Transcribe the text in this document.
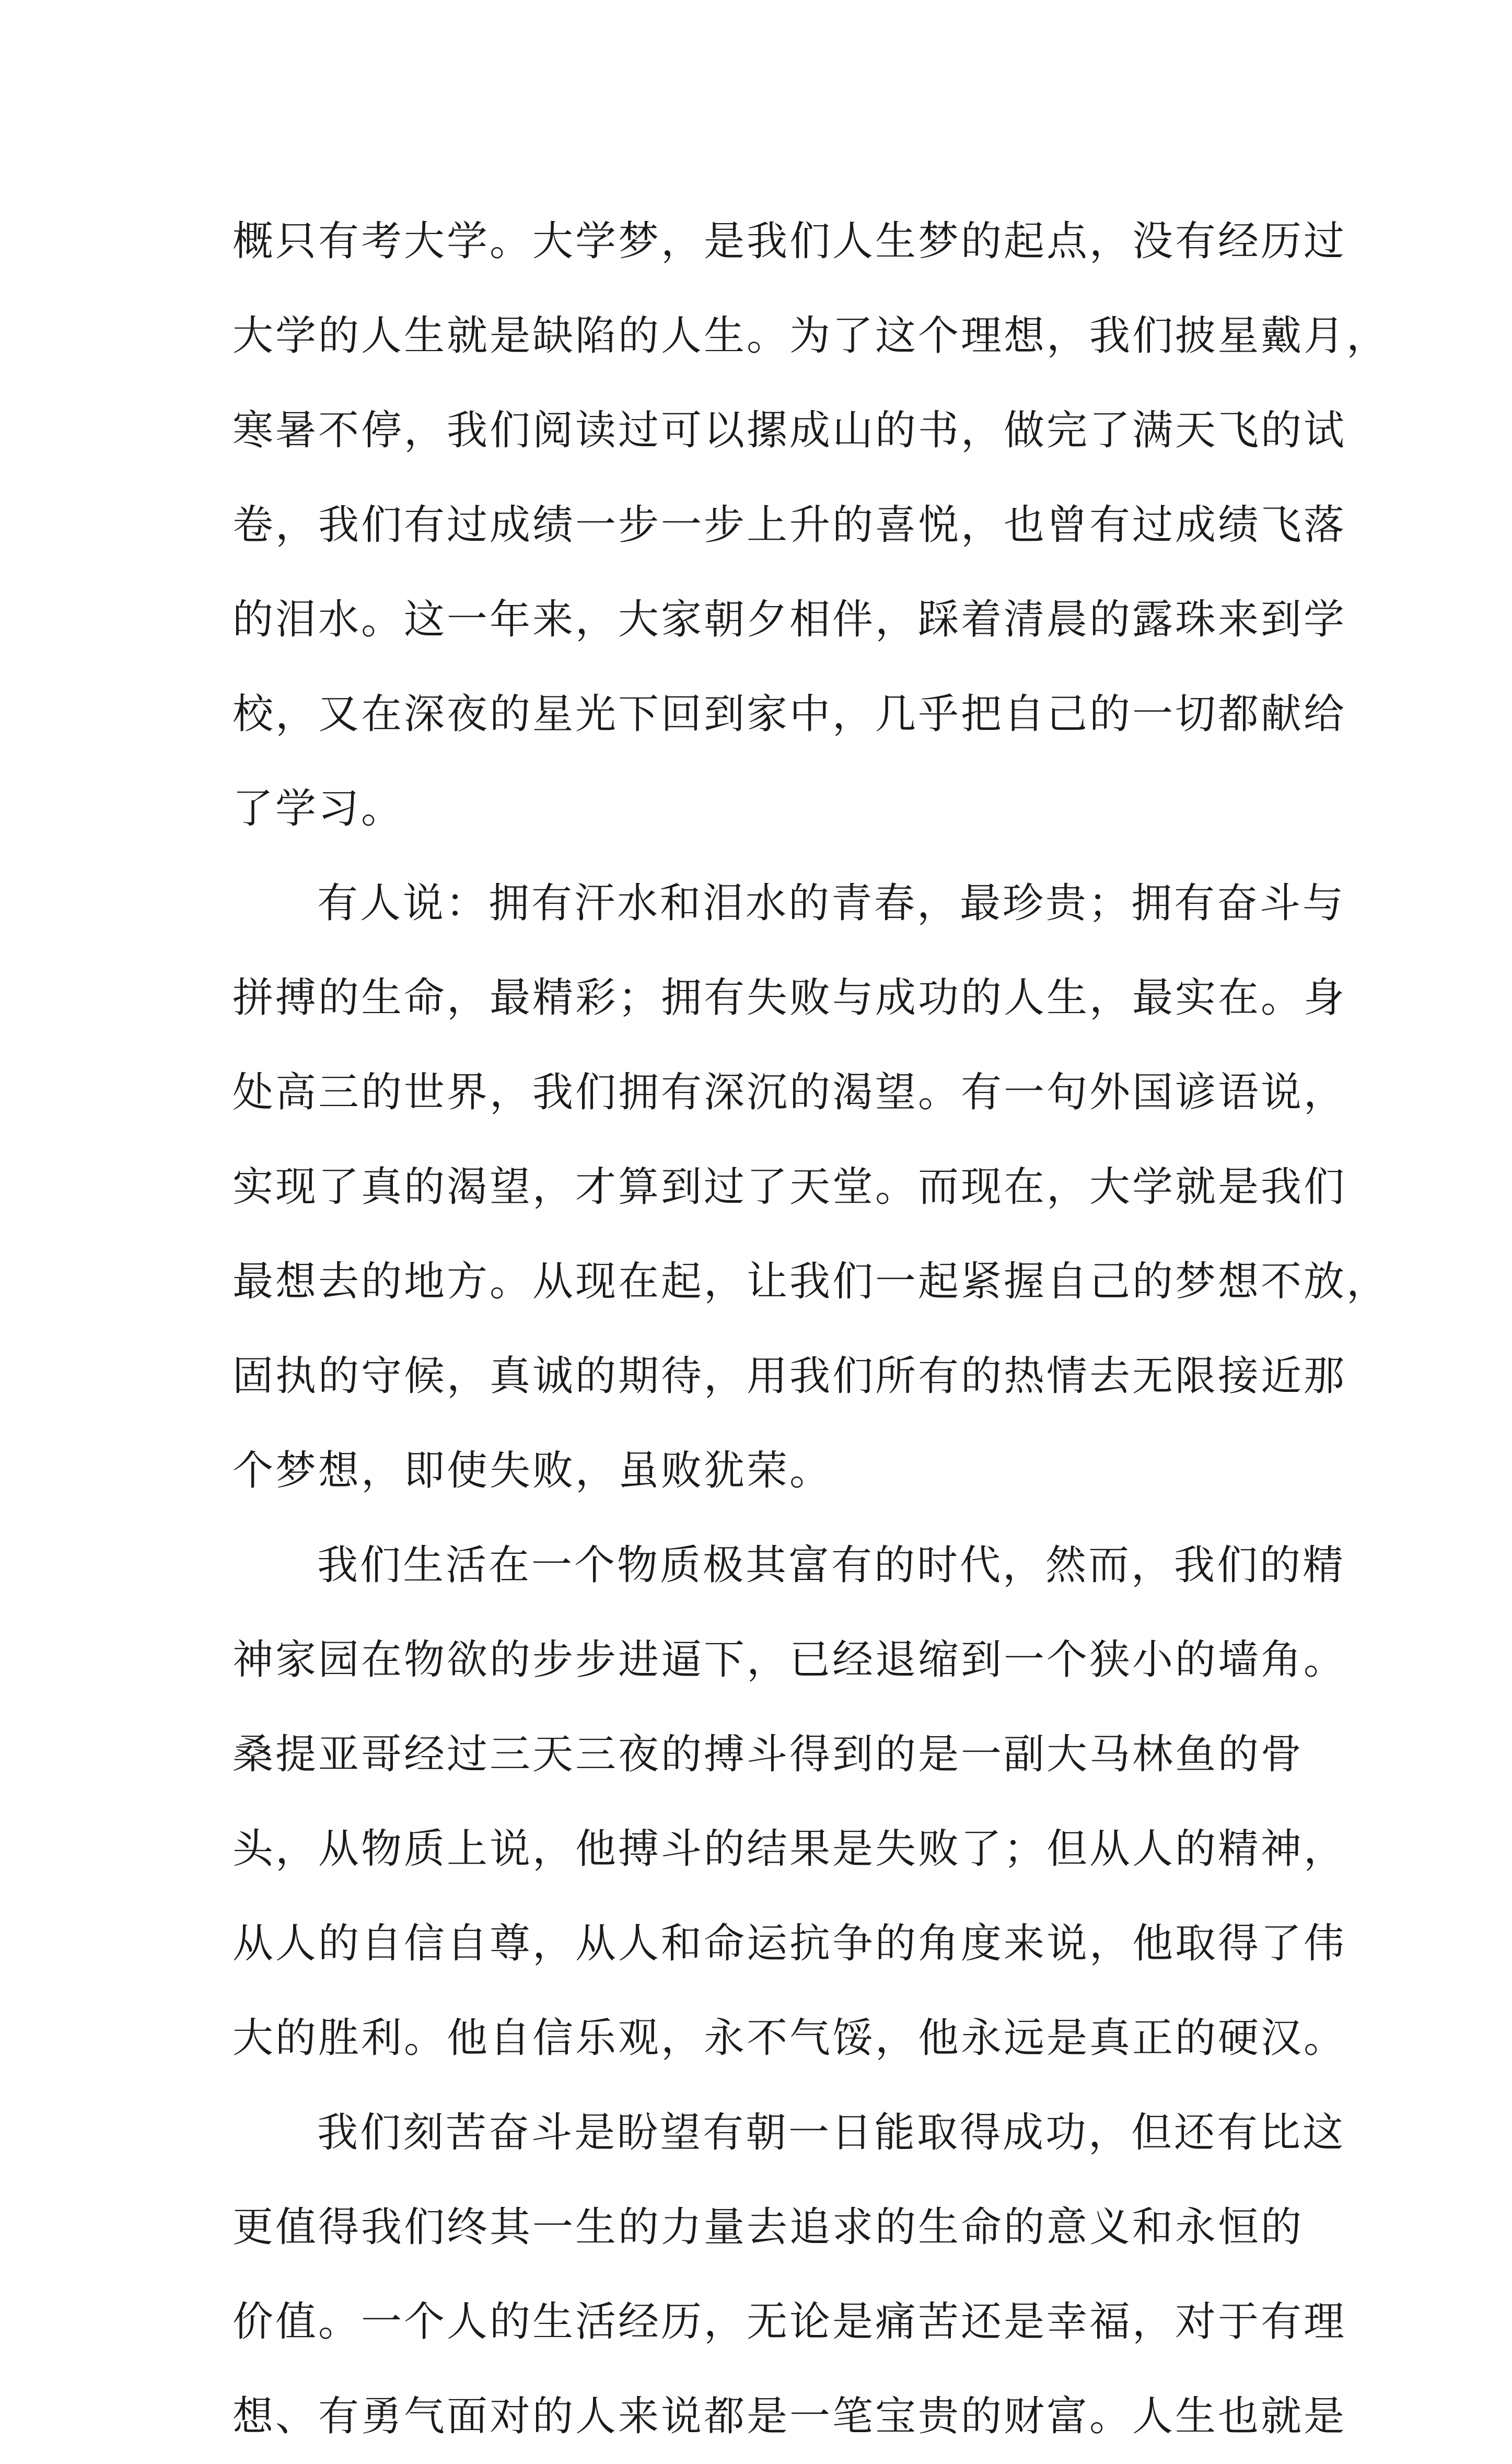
概只有考大学。大学梦，是我们人生梦的起点，没有经历过
大学的人生就是缺陷的人生。为了这个理想，我们披星戴月，
寒暑不停，我们阅读过可以摞成山的书，做完了满天飞的试
卷，我们有过成绩一步一步上升的喜悦，也曾有过成绩飞落
的泪水。这一年来，大家朝夕相伴，踩着清晨的露珠来到学
校，又在深夜的星光下回到家中，几乎把自己的一切都献给
了学习。
有人说：拥有汗水和泪水的青春，最珍贵；拥有奋斗与
拼搏的生命，最精彩；拥有失败与成功的人生，最实在。身
处高三的世界，我们拥有深沉的渴望。有一句外国谚语说，
实现了真的渴望，才算到过了天堂。而现在，大学就是我们
最想去的地方。从现在起，让我们一起紧握自己的梦想不放，
固执的守候，真诚的期待，用我们所有的热情去无限接近那
个梦想，即使失败，虽败犹荣。
我们生活在一个物质极其富有的时代，然而，我们的精
神家园在物欲的步步进逼下，已经退缩到一个狭小的墙角。
桑提亚哥经过三天三夜的搏斗得到的是一副大马林鱼的骨
头，从物质上说，他搏斗的结果是失败了；但从人的精神，
从人的自信自尊，从人和命运抗争的角度来说，他取得了伟
大的胜利。他自信乐观，永不气馁，他永远是真正的硬汉。
我们刻苦奋斗是盼望有朝一日能取得成功，但还有比这
更值得我们终其一生的力量去追求的生命的意义和永恒的
价值。一个人的生活经历，无论是痛苦还是幸福，对于有理
想、有勇气面对的人来说都是一笔宝贵的财富。人生也就是
